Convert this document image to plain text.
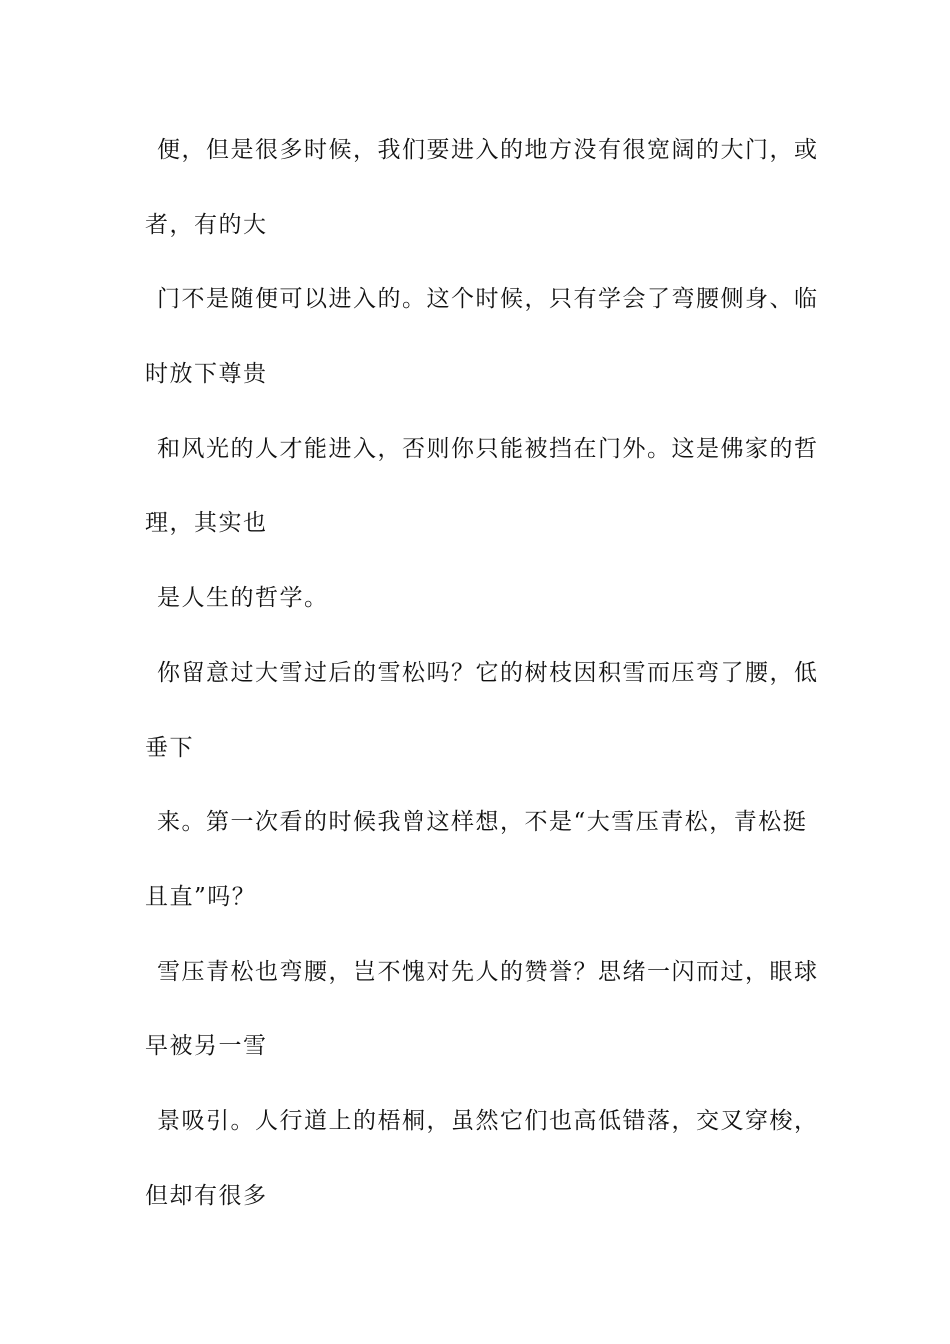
便，但是很多时候，我们要进入的地方没有很宽阔的大门，或
者，有的大
门不是随便可以进入的。这个时候，只有学会了弯腰侧身、临
时放下尊贵
和风光的人才能进入，否则你只能被挡在门外。这是佛家的哲
理，其实也
是人生的哲学。
你留意过大雪过后的雪松吗？它的树枝因积雪而压弯了腰，低
垂下
来。第一次看的时候我曾这样想，不是“大雪压青松，青松挺
且直”吗？
雪压青松也弯腰，岂不愧对先人的赞誉？思绪一闪而过，眼球
早被另一雪
景吸引。人行道上的梧桐，虽然它们也高低错落，交叉穿梭，
但却有很多
